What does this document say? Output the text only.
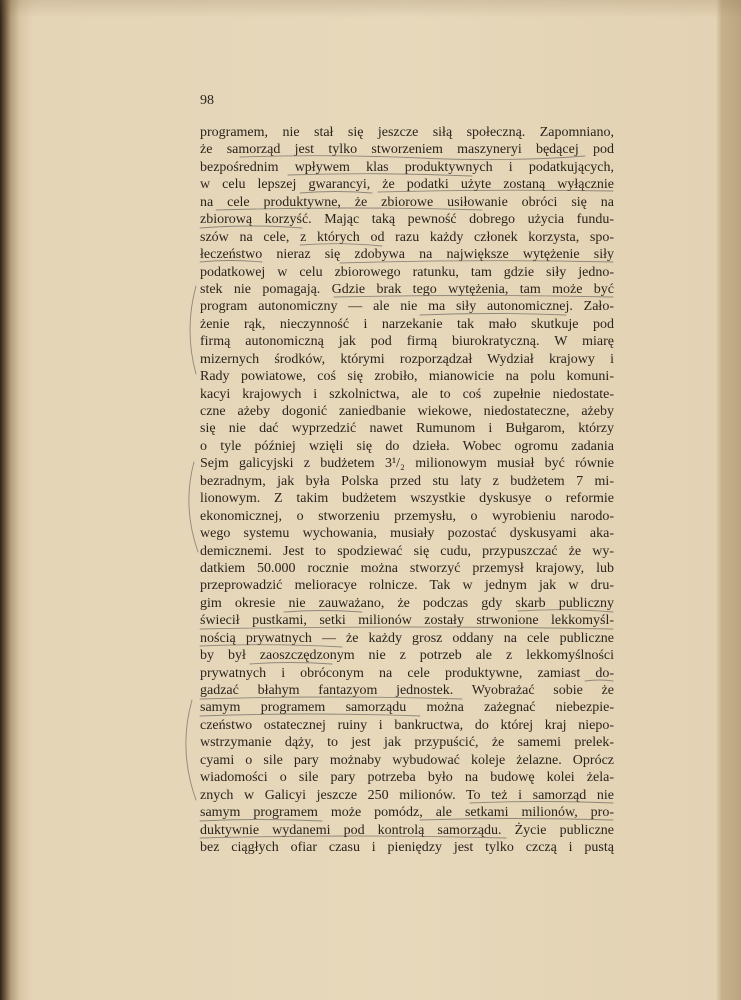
98
programem, nie stał się jeszcze siłą społeczną. Zapomniano,
że samorząd jest tylko stworzeniem maszyneryi będącej pod
bezpośrednim wpływem klas produktywnych i podatkujących,
w celu lepszej gwarancyi, że podatki użyte zostaną wyłącznie
na cele produktywne, że zbiorowe usiłowanie obróci się na
zbiorową korzyść. Mając taką pewność dobrego użycia fundu-
szów na cele, z których od razu każdy członek korzysta, spo-
łeczeństwo nieraz się zdobywa na największe wytężenie siły
podatkowej w celu zbiorowego ratunku, tam gdzie siły jedno-
stek nie pomagają. Gdzie brak tego wytężenia, tam może być
program autonomiczny — ale nie ma siły autonomicznej. Zało-
żenie rąk, nieczynność i narzekanie tak mało skutkuje pod
firmą autonomiczną jak pod firmą biurokratyczną. W miarę
mizernych środków, którymi rozporządzał Wydział krajowy i
Rady powiatowe, coś się zrobiło, mianowicie na polu komuni-
kacyi krajowych i szkolnictwa, ale to coś zupełnie niedostate-
czne ażeby dogonić zaniedbanie wiekowe, niedostateczne, ażeby
się nie dać wyprzedzić nawet Rumunom i Bułgarom, którzy
o tyle później wzięli się do dzieła. Wobec ogromu zadania
Sejm galicyjski z budżetem 3¹/₂ milionowym musiał być równie
bezradnym, jak była Polska przed stu laty z budżetem 7 mi-
lionowym. Z takim budżetem wszystkie dyskusye o reformie
ekonomicznej, o stworzeniu przemysłu, o wyrobieniu narodo-
wego systemu wychowania, musiały pozostać dyskusyami aka-
demicznemi. Jest to spodziewać się cudu, przypuszczać że wy-
datkiem 50.000 rocznie można stworzyć przemysł krajowy, lub
przeprowadzić melioracye rolnicze. Tak w jednym jak w dru-
gim okresie nie zauważano, że podczas gdy skarb publiczny
świecił pustkami, setki milionów zostały strwonione lekkomyśl-
nością prywatnych — że każdy grosz oddany na cele publiczne
by był zaoszczędzonym nie z potrzeb ale z lekkomyślności
prywatnych i obróconym na cele produktywne, zamiast do-
gadzać błahym fantazyom jednostek. Wyobrażać sobie że
samym programem samorządu można zażegnać niebezpie-
czeństwo ostatecznej ruiny i bankructwa, do której kraj niepo-
wstrzymanie dąży, to jest jak przypuścić, że samemi prelek-
cyami o sile pary możnaby wybudować koleje żelazne. Oprócz
wiadomości o sile pary potrzeba było na budowę kolei żela-
znych w Galicyi jeszcze 250 milionów. To też i samorząd nie
samym programem może pomódz, ale setkami milionów, pro-
duktywnie wydanemi pod kontrolą samorządu. Życie publiczne
bez ciągłych ofiar czasu i pieniędzy jest tylko czczą i pustą
